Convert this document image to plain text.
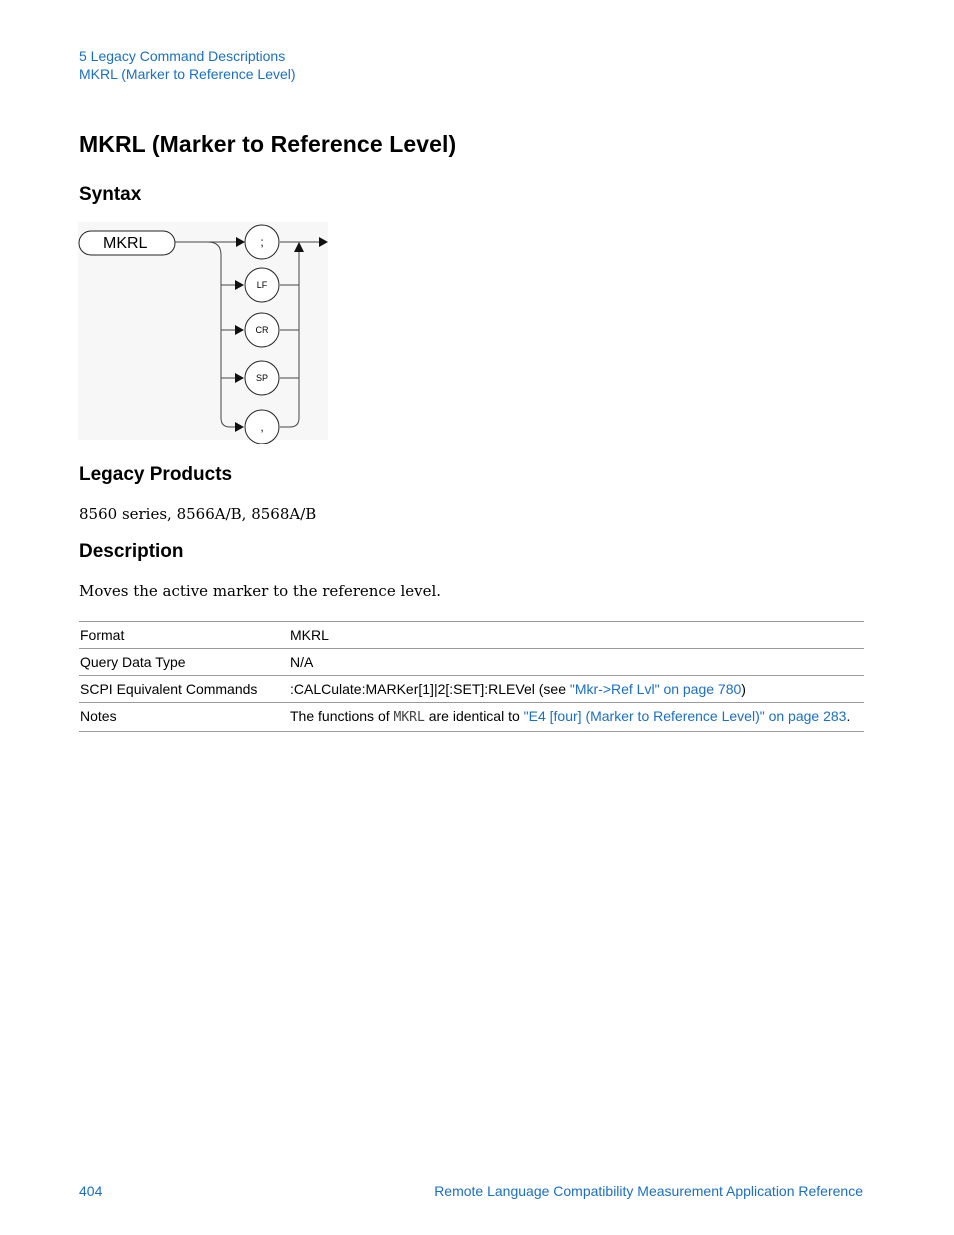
5 Legacy Command Descriptions
MKRL (Marker to Reference Level)
MKRL (Marker to Reference Level)
Syntax
MKRL	;
LF
CR
SP
,
Legacy Products

8560 series, 8566A/B, 8568A/B

Description

Moves the active marker to the reference level.

Format	MKRL
Query Data Type	N/A
SCPI Equivalent Commands	:CALCulate:MARKer[1]|2[:SET]:RLEVel (see "Mkr->Ref Lvl" on page 780)
Notes	The functions of MKRL are identical to "E4 [four] (Marker to Reference Level)" on page 283.
404	Remote Language Compatibility Measurement Application Reference
